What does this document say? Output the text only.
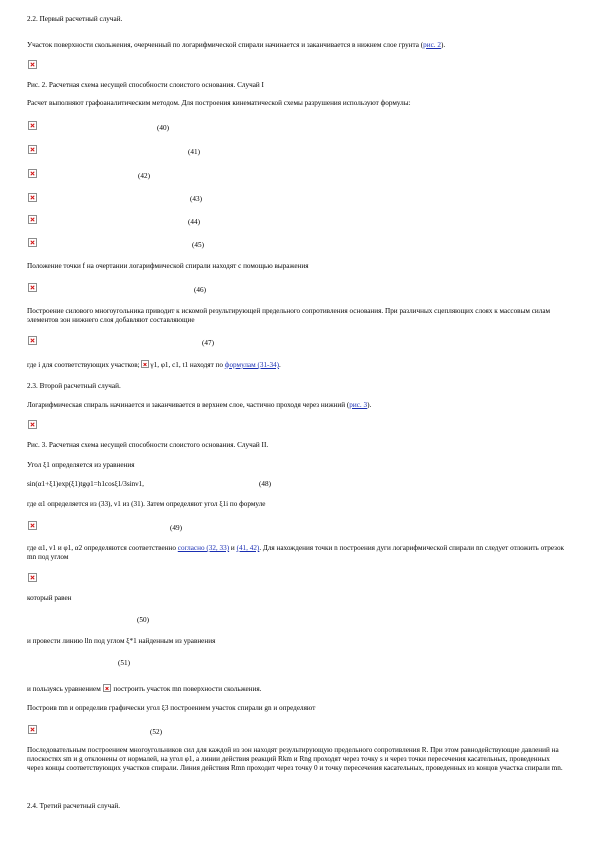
2.2. Первый расчетный случай.
Участок поверхности скольжения, очерченный по логарифмической спирали начинается и заканчивается в нижнем слое грунта (рис. 2).
Рис. 2. Расчетная схема несущей способности слоистого основания. Случай I
Расчет выполняют графоаналитическим методом. Для построения кинематической схемы разрушения используют формулы:
(40)
(41)
(42)
(43)
(44)
(45)
Положение точки f на очертании логарифмической спирали находят с помощью выражения
(46)
Построение силового многоугольника приводит к искомой результирующей предельного сопротивления основания. При различных сцепляющих слоях к массовым силам элементов зон нижнего слоя добавляют составляющие
(47)
где i для соответствующих участков; γ1, φ1, c1, t1 находят по формулам (31-34).
2.3. Второй расчетный случай.
Логарифмическая спираль начинается и заканчивается в верхнем слое, частично проходя через нижний (рис. 3).
Рис. 3. Расчетная схема несущей способности слоистого основания. Случай II.
Угол ξ1 определяется из уравнения
sin(α1+ξ1)exp(ξ1)tgφ1=h1cosξ1/3sinν1,	(48)
где α1 определяется из (33), ν1 из (31). Затем определяют угол ξ1i по формуле
(49)
где α1, ν1 и φ1, α2 определяются соответственно согласно (32, 33) и (41, 42). Для нахождения точки n построения дуги логарифмической спирали nn следует отложить отрезок mn под углом
который равен
(50)
и провести линию lln под углом ξ*1 найденным из уравнения
(51)
и пользуясь уравнением построить участок mn поверхности скольжения.
Построив mn и определив графически угол ξ3 построением участок спирали gn и определяют
(52)
Последовательным построением многоугольников сил для каждой из зон находят результирующую предельного сопротивления R. При этом равнодействующие давлений на плоскостях sm и g отклонены от нормалей, на угол φ1, а линии действия реакций Rkm и Rng проходят через точку s и через точки пересечения касательных, проведенных через концы соответствующих участков спирали. Линия действия Rmn проходит через точку 0 и точку пересечения касательных, проведенных из концов участка спирали mn.
2.4. Третий расчетный случай.
